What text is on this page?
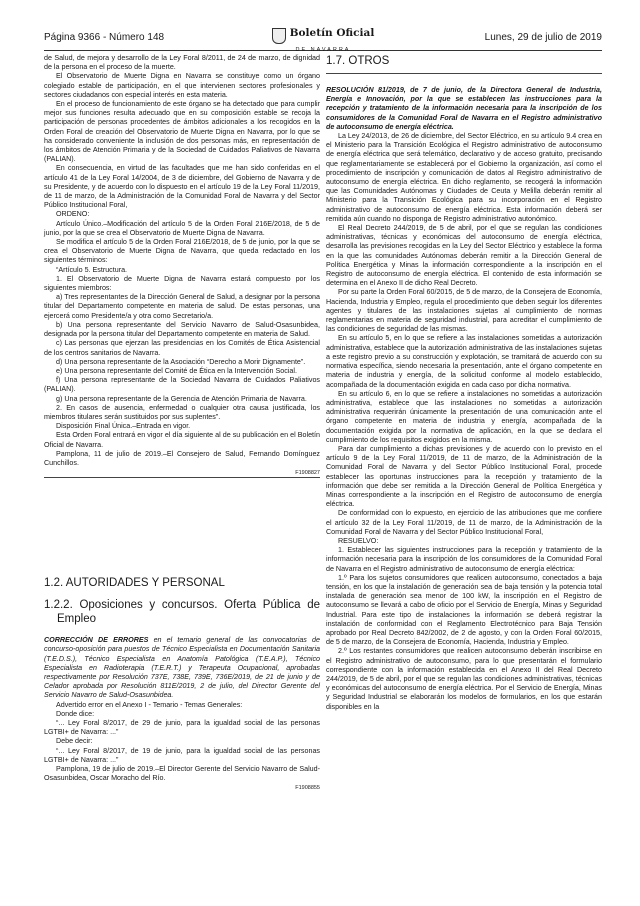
Página 9366 - Número 148	Boletín Oficial
DE NAVARRA
Lunes, 29 de julio de 2019

de Salud, de mejora y desarrollo de la Ley Foral 8/2011, de 24 de marzo, de dignidad de la persona en el proceso de la muerte.

El Observatorio de Muerte Digna en Navarra se constituye como un órgano colegiado estable de participación, en el que intervienen sectores profesionales y sectores ciudadanos con especial interés en esta materia.

En el proceso de funcionamiento de este órgano se ha detectado que para cumplir mejor sus funciones resulta adecuado que en su composición estable se recoja la participación de personas procedentes de ámbitos adicionales a los recogidos en la Orden Foral de creación del Observatorio de Muerte Digna en Navarra, por lo que se ha considerado conveniente la inclusión de dos personas más, en representación de los ámbitos de Atención Primaria y de la Sociedad de Cuidados Paliativos de Navarra (PALIAN).

En consecuencia, en virtud de las facultades que me han sido conferidas en el artículo 41 de la Ley Foral 14/2004, de 3 de diciembre, del Gobierno de Navarra y de su Presidente, y de acuerdo con lo dispuesto en el artículo 19 de la Ley Foral 11/2019, de 11 de marzo, de la Administración de la Comunidad Foral de Navarra y del Sector Público Institucional Foral,

ORDENO:

Artículo Único.–Modificación del artículo 5 de la Orden Foral 216E/2018, de 5 de junio, por la que se crea el Observatorio de Muerte Digna de Navarra.

Se modifica el artículo 5 de la Orden Foral 216E/2018, de 5 de junio, por la que se crea el Observatorio de Muerte Digna de Navarra, que queda redactado en los siguientes términos:

“Artículo 5. Estructura.

1. El Observatorio de Muerte Digna de Navarra estará compuesto por los siguientes miembros:

a) Tres representantes de la Dirección General de Salud, a designar por la persona titular del Departamento competente en materia de salud. De estas personas, una ejercerá como Presidente/a y otra como Secretario/a.

b) Una persona representante del Servicio Navarro de Salud-Osasunbidea, designada por la persona titular del Departamento competente en materia de Salud.

c) Las personas que ejerzan las presidencias en los Comités de Ética Asistencial de los centros sanitarios de Navarra.

d) Una persona representante de la Asociación “Derecho a Morir Dignamente”.

e) Una persona representante del Comité de Ética en la Intervención Social.

f) Una persona representante de la Sociedad Navarra de Cuidados Paliativos (PALIAN).

g) Una persona representante de la Gerencia de Atención Primaria de Navarra.

2. En casos de ausencia, enfermedad o cualquier otra causa justificada, los miembros titulares serán sustituidos por sus suplentes”.

Disposición Final Única.–Entrada en vigor.

Esta Orden Foral entrará en vigor el día siguiente al de su publicación en el Boletín Oficial de Navarra.

Pamplona, 11 de julio de 2019.–El Consejero de Salud, Fernando Domínguez Cunchillos.

F1908827
1.2. AUTORIDADES Y PERSONAL
1.2.2. Oposiciones y concursos. Oferta Pública de Empleo

CORRECCIÓN DE ERRORES en el temario general de las convocatorias de concurso-oposición para puestos de Técnico Especialista en Documentación Sanitaria (T.E.D.S.), Técnico Especialista en Anatomía Patológica (T.E.A.P.), Técnico Especialista en Radioterapia (T.E.R.T.) y Terapeuta Ocupacional, aprobadas respectivamente por Resolución 737E, 738E, 739E, 736E/2019, de 21 de junio y de Celador aprobada por Resolución 811E/2019, 2 de julio, del Director Gerente del Servicio Navarro de Salud-Osasunbidea.

Advertido error en el Anexo I - Temario - Temas Generales:

Donde dice:

“... Ley Foral 8/2017, de 29 de junio, para la igualdad social de las personas LGTBI+ de Navarra: ...”

Debe decir:

“... Ley Foral 8/2017, de 19 de junio, para la igualdad social de las personas LGTBI+ de Navarra: ...”

Pamplona, 19 de julio de 2019.–El Director Gerente del Servicio Navarro de Salud-Osasunbidea, Oscar Moracho del Río.

F1908855
1.7. OTROS

RESOLUCIÓN 81/2019, de 7 de junio, de la Directora General de Industria, Energía e Innovación, por la que se establecen las instrucciones para la recepción y tratamiento de la información necesaria para la inscripción de los consumidores de la Comunidad Foral de Navarra en el Registro administrativo de autoconsumo de energía eléctrica.

La Ley 24/2013, de 26 de diciembre, del Sector Eléctrico, en su artículo 9.4 crea en el Ministerio para la Transición Ecológica el Registro administrativo de autoconsumo de energía eléctrica que será telemático, declarativo y de acceso gratuito, precisando que reglamentariamente se establecerá por el Gobierno la organización, así como el procedimiento de inscripción y comunicación de datos al Registro administrativo de autoconsumo de energía eléctrica. En dicho reglamento, se recogerá la información que las Comunidades Autónomas y Ciudades de Ceuta y Melilla deberán remitir al Ministerio para la Transición Ecológica para su incorporación en el Registro administrativo de autoconsumo de energía eléctrica. Esta información deberá ser remitida aún cuando no disponga de Registro administrativo autonómico.

El Real Decreto 244/2019, de 5 de abril, por el que se regulan las condiciones administrativas, técnicas y económicas del autoconsumo de energía eléctrica, desarrolla las previsiones recogidas en la Ley del Sector Eléctrico y establece la forma en la que las comunidades Autónomas deberán remitir a la Dirección General de Política Energética y Minas la información correspondiente a la inscripción en el Registro de autoconsumo de energía eléctrica. El contenido de esta información se determina en el Anexo II de dicho Real Decreto.

Por su parte la Orden Foral 60/2015, de 5 de marzo, de la Consejera de Economía, Hacienda, Industria y Empleo, regula el procedimiento que deben seguir los diferentes agentes y titulares de las instalaciones sujetas al cumplimiento de normas reglamentarias en materia de seguridad industrial, para acreditar el cumplimiento de las condiciones de seguridad de las mismas.

En su artículo 5, en lo que se refiere a las instalaciones sometidas a autorización administrativa, establece que la autorización administrativa de las instalaciones sujetas a este registro previo a su construcción y explotación, se tramitará de acuerdo con su normativa específica, siendo necesaria la presentación, ante el órgano competente en materia de industria y energía, de la solicitud conforme al modelo establecido, acompañada de la documentación exigida en cada caso por dicha normativa.

En su artículo 6, en lo que se refiere a instalaciones no sometidas a autorización administrativa, establece que las instalaciones no sometidas a autorización administrativa requerirán únicamente la presentación de una comunicación ante el órgano competente en materia de industria y energía, acompañada de la documentación exigida por la normativa de aplicación, en la que se declara el cumplimiento de los requisitos exigidos en la misma.

Para dar cumplimiento a dichas previsiones y de acuerdo con lo previsto en el artículo 9 de la Ley Foral 11/2019, de 11 de marzo, de la Administración de la Comunidad Foral de Navarra y del Sector Público Institucional Foral, procede establecer las oportunas instrucciones para la recepción y tratamiento de la información que debe ser remitida a la Dirección General de Política Energética y Minas correspondiente a la inscripción en el Registro de autoconsumo de energía eléctrica.

De conformidad con lo expuesto, en ejercicio de las atribuciones que me confiere el artículo 32 de la Ley Foral 11/2019, de 11 de marzo, de la Administración de la Comunidad Foral de Navarra y del Sector Público Institucional Foral,

RESUELVO:

1. Establecer las siguientes instrucciones para la recepción y tratamiento de la información necesaria para la inscripción de los consumidores de la Comunidad Foral de Navarra en el Registro administrativo de autoconsumo de energía eléctrica:

1.º Para los sujetos consumidores que realicen autoconsumo, conectados a baja tensión, en los que la instalación de generación sea de baja tensión y la potencia total instalada de generación sea menor de 100 kW, la inscripción en el Registro de autoconsumo se llevará a cabo de oficio por el Servicio de Energía, Minas y Seguridad Industrial. Para este tipo de instalaciones la información se deberá registrar la instalación de conformidad con el Reglamento Electrotécnico para Baja Tensión aprobado por Real Decreto 842/2002, de 2 de agosto, y con la Orden Foral 60/2015, de 5 de marzo, de la Consejera de Economía, Hacienda, Industria y Empleo.

2.º Los restantes consumidores que realicen autoconsumo deberán inscribirse en el Registro administrativo de autoconsumo, para lo que presentarán el formulario correspondiente con la información establecida en el Anexo II del Real Decreto 244/2019, de 5 de abril, por el que se regulan las condiciones administrativas, técnicas y económicas del autoconsumo de energía eléctrica. Por el Servicio de Energía, Minas y Seguridad Industrial se elaborarán los modelos de formularios, en los que estarán disponibles en la
